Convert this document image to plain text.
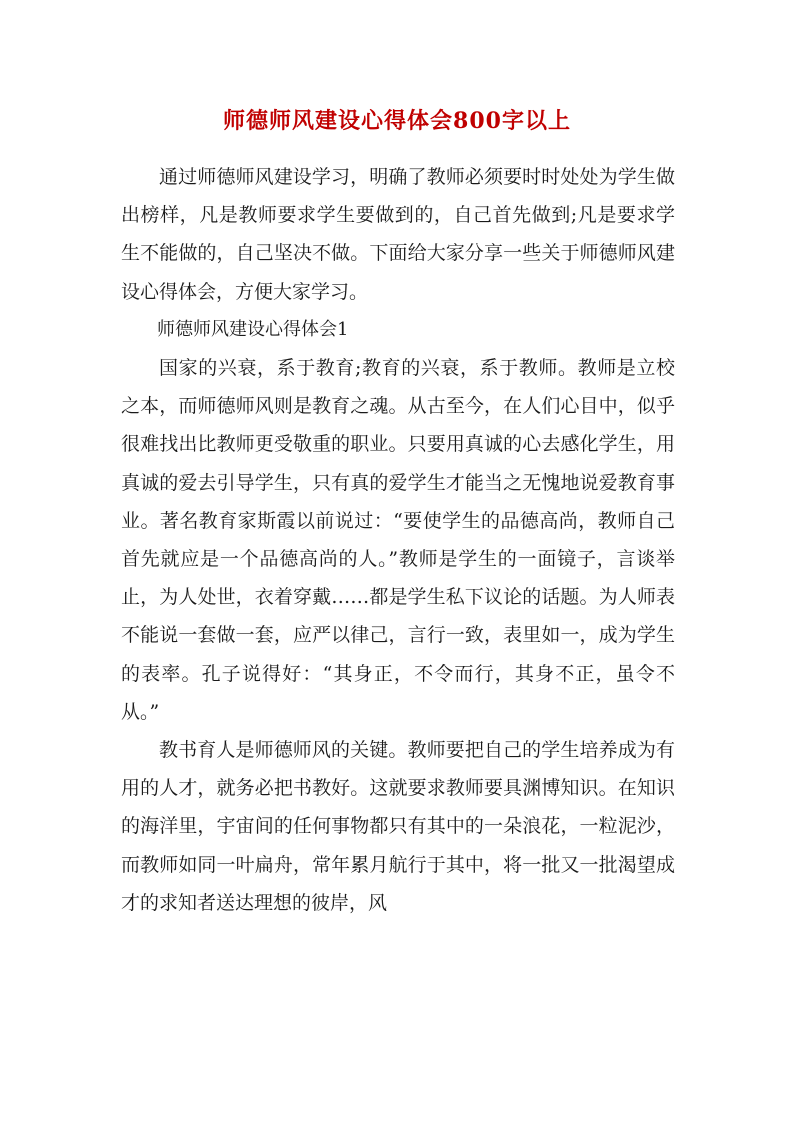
师德师风建设心得体会800字以上

通过师德师风建设学习，明确了教师必须要时时处处为学生做出榜样，凡是教师要求学生要做到的，自己首先做到;凡是要求学生不能做的，自己坚决不做。下面给大家分享一些关于师德师风建设心得体会，方便大家学习。

师德师风建设心得体会1

国家的兴衰，系于教育;教育的兴衰，系于教师。教师是立校之本，而师德师风则是教育之魂。从古至今，在人们心目中，似乎很难找出比教师更受敬重的职业。只要用真诚的心去感化学生，用真诚的爱去引导学生，只有真的爱学生才能当之无愧地说爱教育事业。著名教育家斯霞以前说过：“要使学生的品德高尚，教师自己首先就应是一个品德高尚的人。”教师是学生的一面镜子，言谈举止，为人处世，衣着穿戴……都是学生私下议论的话题。为人师表不能说一套做一套，应严以律己，言行一致，表里如一，成为学生的表率。孔子说得好：“其身正，不令而行，其身不正，虽令不从。”

教书育人是师德师风的关键。教师要把自己的学生培养成为有用的人才，就务必把书教好。这就要求教师要具渊博知识。在知识的海洋里，宇宙间的任何事物都只有其中的一朵浪花，一粒泥沙，而教师如同一叶扁舟，常年累月航行于其中，将一批又一批渴望成才的求知者送达理想的彼岸，风
